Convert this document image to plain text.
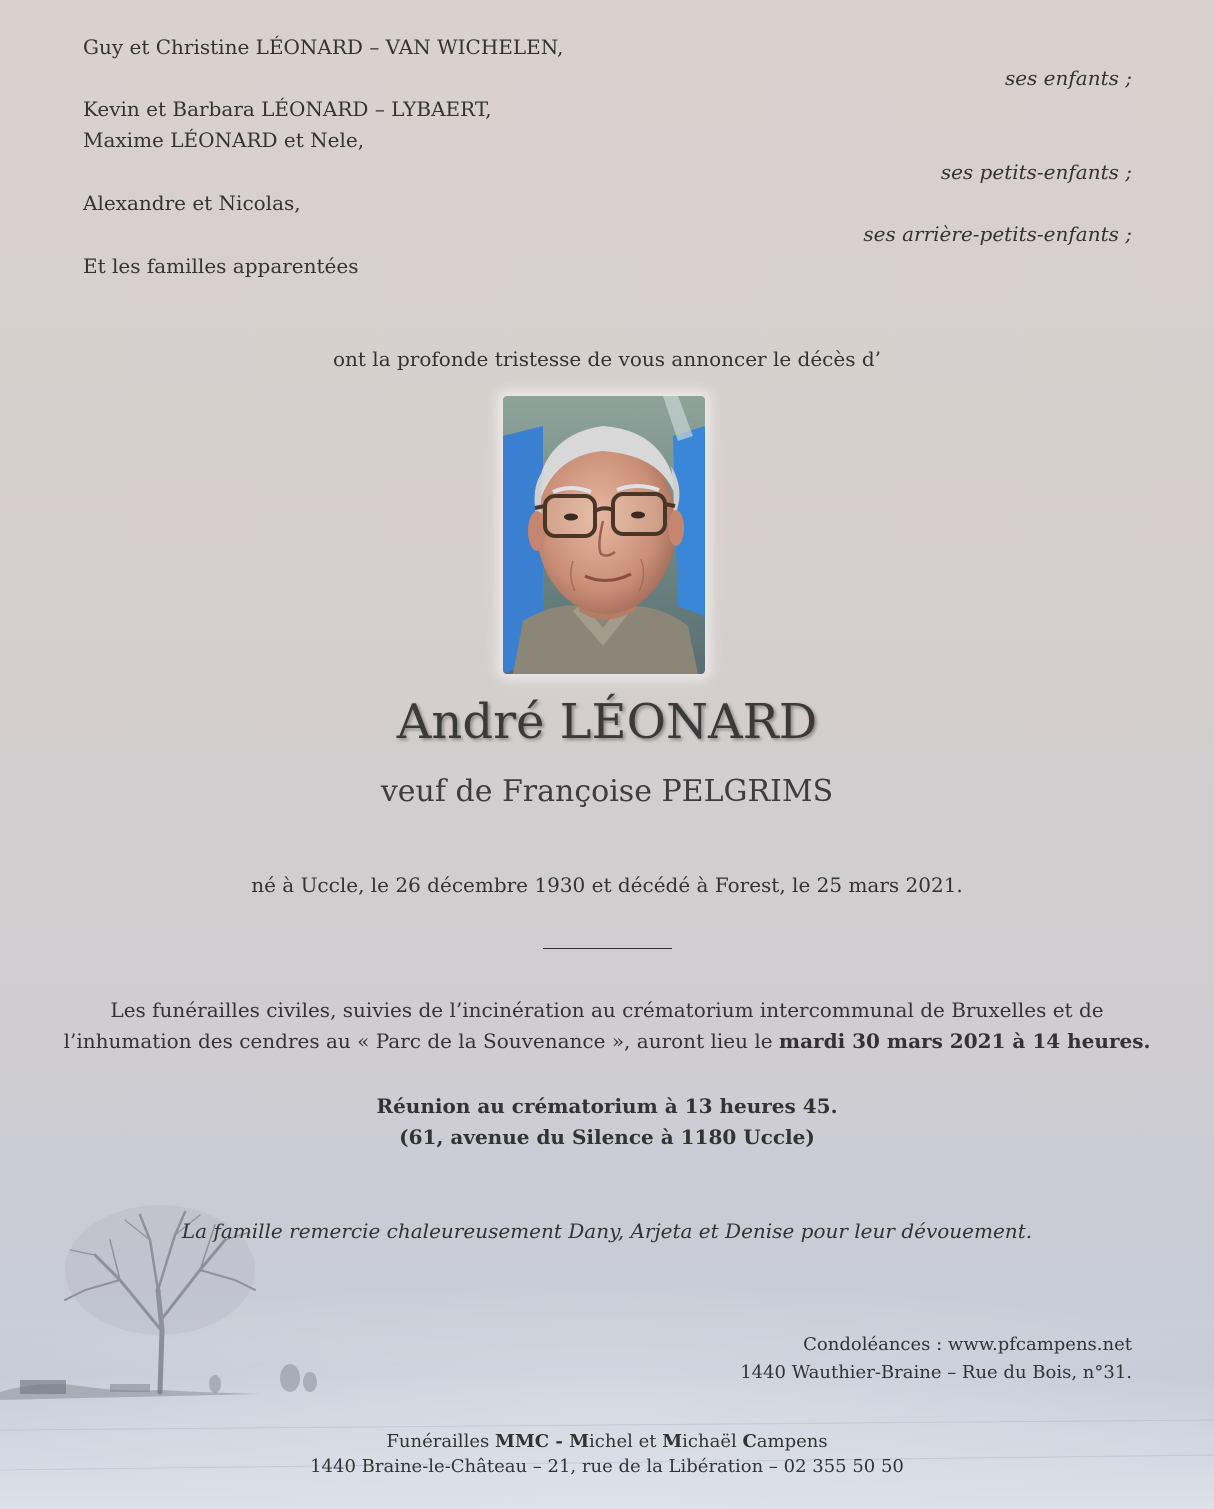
Guy et Christine LÉONARD – VAN WICHELEN,
ses enfants ;
Kevin et Barbara LÉONARD – LYBAERT,
Maxime LÉONARD et Nele,
ses petits-enfants ;
Alexandre et Nicolas,
ses arrière-petits-enfants ;
Et les familles apparentées
ont la profonde tristesse de vous annoncer le décès d’
André LÉONARD
veuf de Françoise PELGRIMS
né à Uccle, le 26 décembre 1930 et décédé à Forest, le 25 mars 2021.
Les funérailles civiles, suivies de l’incinération au crématorium intercommunal de Bruxelles et de
l’inhumation des cendres au « Parc de la Souvenance », auront lieu le mardi 30 mars 2021 à 14 heures.
Réunion au crématorium à 13 heures 45.
(61, avenue du Silence à 1180 Uccle)
La famille remercie chaleureusement Dany, Arjeta et Denise pour leur dévouement.
Condoléances : www.pfcampens.net
1440 Wauthier-Braine – Rue du Bois, n°31.
Funérailles MMC - Michel et Michaël Campens
1440 Braine-le-Château – 21, rue de la Libération – 02 355 50 50
